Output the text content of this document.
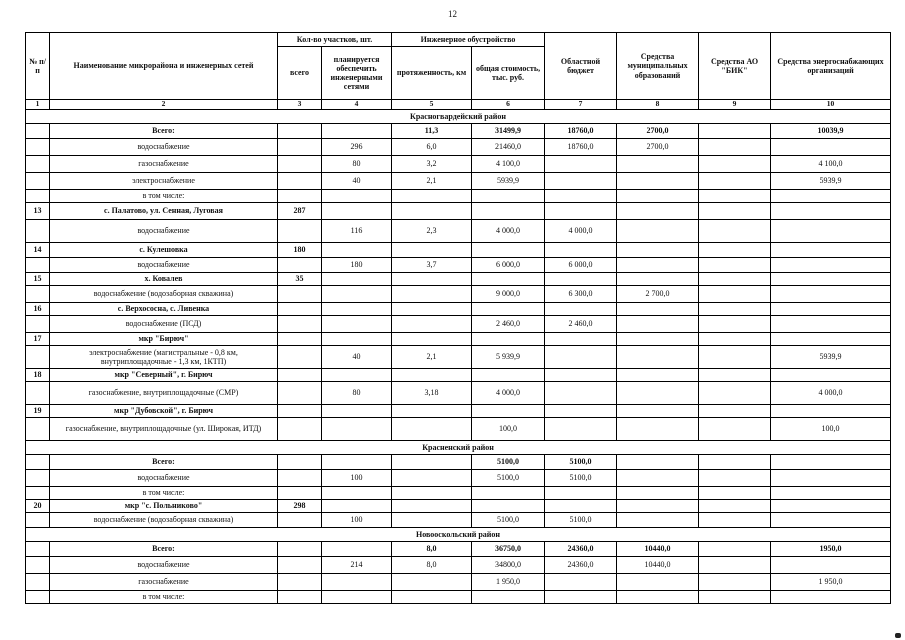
12
№ п/п	Наименование микрорайона и инженерных сетей	Кол-во участков, шт.		Инженерное обустройство		Областной бюджет	Средства муниципальных образований	Средства АО "БИК"	Средства энергоснабжающих организаций
		всего	планируется обеспечить инженерными сетями	протяженность, км	общая стоимость, тыс. руб.				
1	2	3	4	5	6	7	8	9	10
Красногвардейский район									
	Всего:			11,3	31499,9	18760,0	2700,0		10039,9
	водоснабжение		296	6,0	21460,0	18760,0	2700,0		
	газоснабжение		80	3,2	4 100,0				4 100,0
	электроснабжение		40	2,1	5939,9				5939,9
	в том числе:								
13	с. Палатово, ул. Сенная, Луговая	287							
	водоснабжение		116	2,3	4 000,0	4 000,0			
14	с. Кулешовка	180							
	водоснабжение		180	3,7	6 000,0	6 000,0			
15	х. Ковалев	35							
	водоснабжение (водозаборная скважина)				9 000,0	6 300,0	2 700,0		
16	с. Верхососна, с. Ливенка								
	водоснабжение (ПСД)				2 460,0	2 460,0			
17	мкр "Бирюч"								
	электроснабжение (магистральные - 0,8 км, внутриплощадочные - 1,3 км, 1КТП)		40	2,1	5 939,9				5939,9
18	мкр "Северный", г. Бирюч								
	газоснабжение, внутриплощадочные (СМР)		80	3,18	4 000,0				4 000,0
19	мкр "Дубовской", г. Бирюч								
	газоснабжение, внутриплощадочные (ул. Широкая, ИТД)				100,0				100,0
Красненский район									
	Всего:				5100,0	5100,0			
	водоснабжение		100		5100,0	5100,0			
	в том числе:								
20	мкр "с. Польниково"	298							
	водоснабжение (водозаборная скважина)		100		5100,0	5100,0			
Новооскольский район									
	Всего:			8,0	36750,0	24360,0	10440,0		1950,0
	водоснабжение		214	8,0	34800,0	24360,0	10440,0		
	газоснабжение				1 950,0				1 950,0
	в том числе:								
